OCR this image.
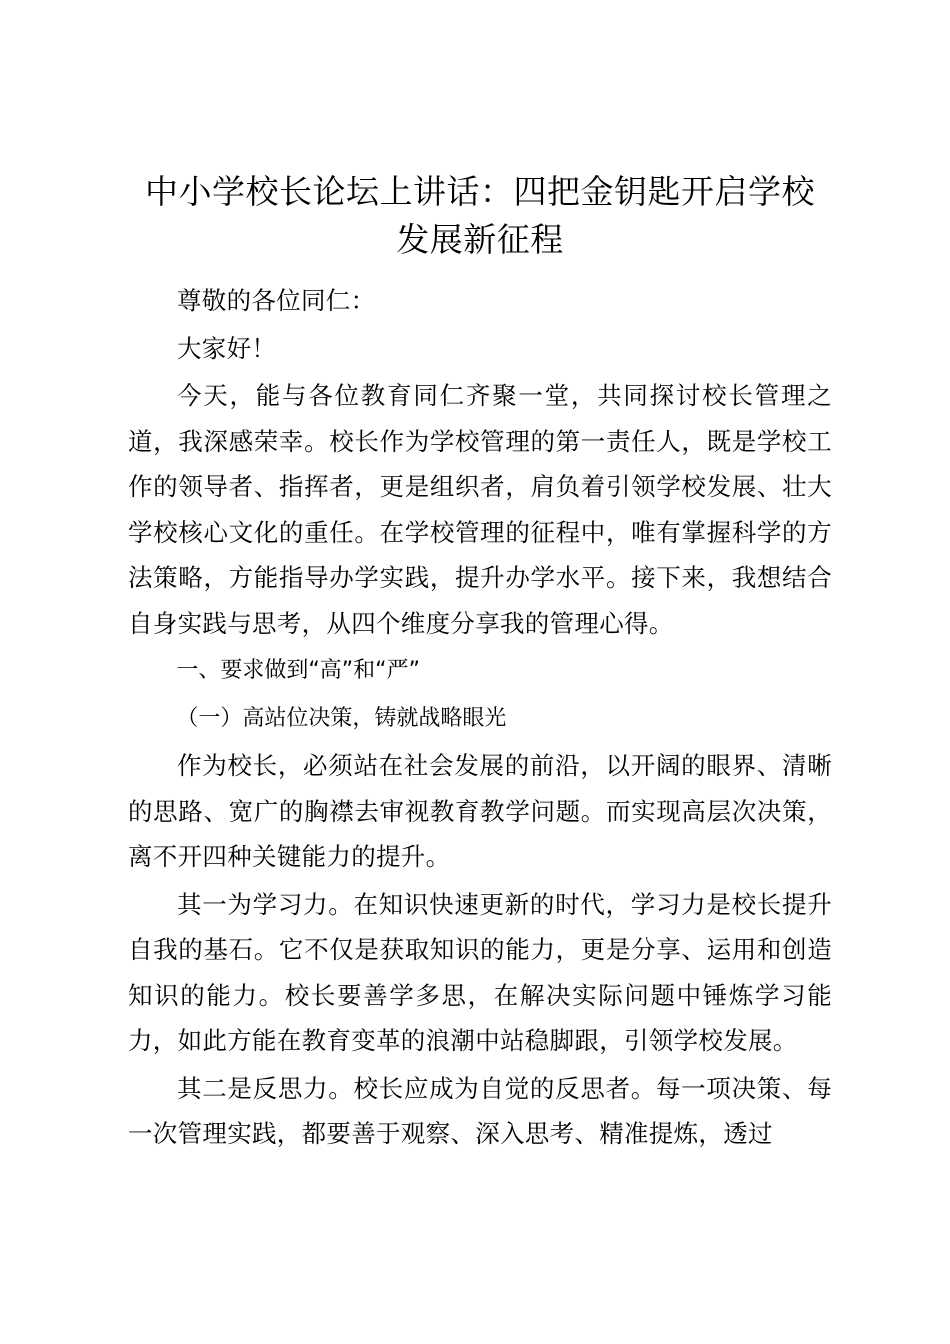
中小学校长论坛上讲话：四把金钥匙开启学校
发展新征程

尊敬的各位同仁：

大家好！

今天，能与各位教育同仁齐聚一堂，共同探讨校长管理之道，我深感荣幸。校长作为学校管理的第一责任人，既是学校工作的领导者、指挥者，更是组织者，肩负着引领学校发展、壮大学校核心文化的重任。在学校管理的征程中，唯有掌握科学的方法策略，方能指导办学实践，提升办学水平。接下来，我想结合自身实践与思考，从四个维度分享我的管理心得。

一、要求做到“高”和“严”

（一）高站位决策，铸就战略眼光

作为校长，必须站在社会发展的前沿，以开阔的眼界、清晰的思路、宽广的胸襟去审视教育教学问题。而实现高层次决策，离不开四种关键能力的提升。

其一为学习力。在知识快速更新的时代，学习力是校长提升自我的基石。它不仅是获取知识的能力，更是分享、运用和创造知识的能力。校长要善学多思，在解决实际问题中锤炼学习能力，如此方能在教育变革的浪潮中站稳脚跟，引领学校发展。

其二是反思力。校长应成为自觉的反思者。每一项决策、每一次管理实践，都要善于观察、深入思考、精准提炼，透过
